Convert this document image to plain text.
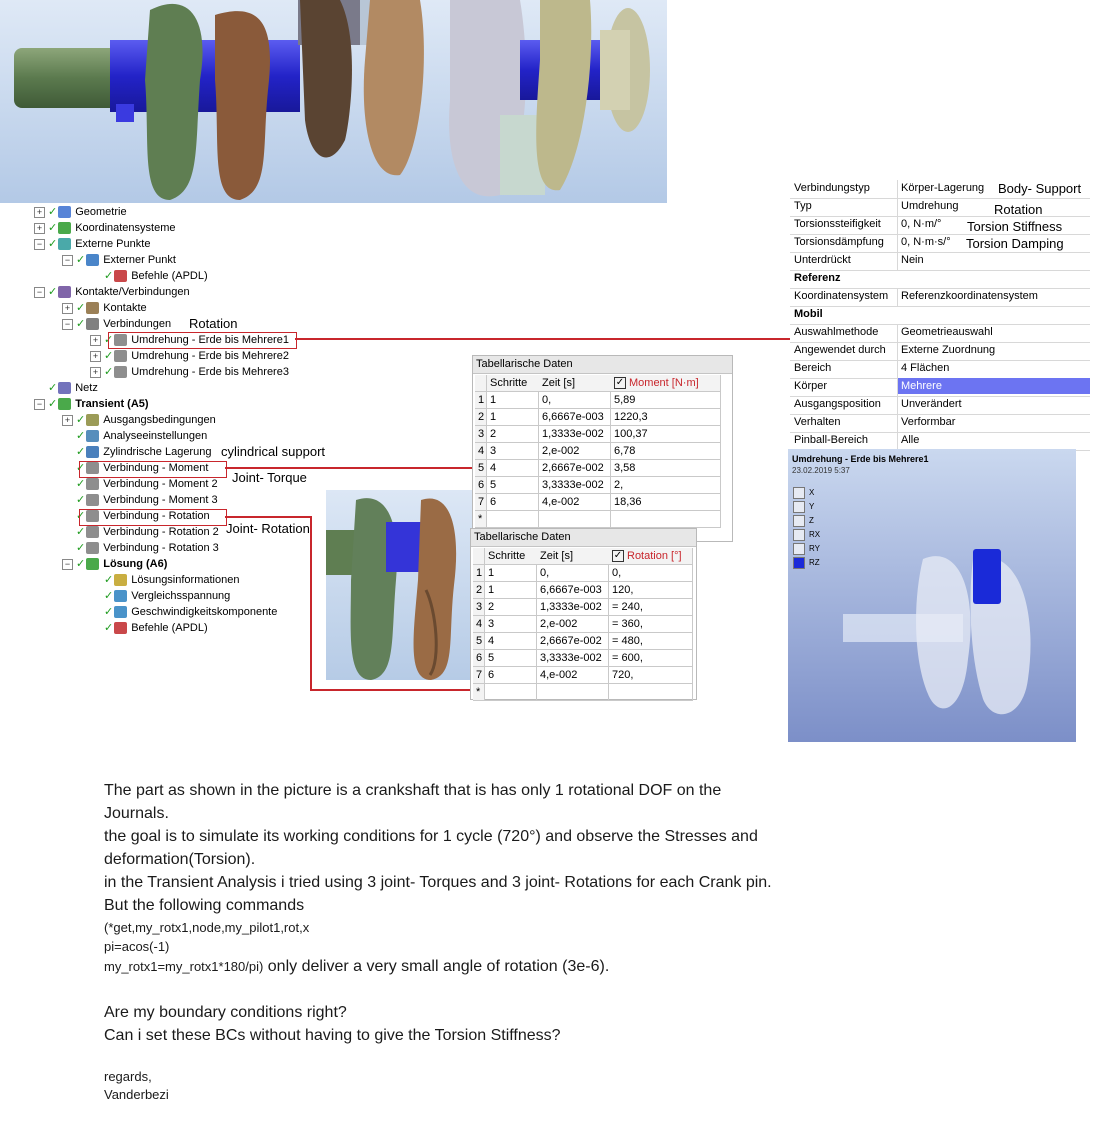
+ ✓ Geometrie
+ ✓ Koordinatensysteme
− ✓ Externe Punkte
− ✓ Externer Punkt
✓ Befehle (APDL)
− ✓ Kontakte/Verbindungen
+ ✓ Kontakte
− ✓ Verbindungen
+ ✓ Umdrehung - Erde bis Mehrere1
+ ✓ Umdrehung - Erde bis Mehrere2
+ ✓ Umdrehung - Erde bis Mehrere3
✓ Netz
− ✓ Transient (A5)
+ ✓ Ausgangsbedingungen
✓ Analyseeinstellungen
✓ Zylindrische Lagerung
✓ Verbindung - Moment
✓ Verbindung - Moment 2
✓ Verbindung - Moment 3
✓ Verbindung - Rotation
✓ Verbindung - Rotation 2
✓ Verbindung - Rotation 3
− ✓ Lösung (A6)
✓ Lösungsinformationen
✓ Vergleichsspannung
✓ Geschwindigkeitskomponente
✓ Befehle (APDL)
Rotation
cylindrical support
Joint- Torque
Joint- Rotation
Verbindungstyp	Körper-Lagerung
Typ	Umdrehung
Torsionssteifigkeit	0, N·m/°
Torsionsdämpfung	0, N·m·s/°
Unterdrückt	Nein
Referenz
Koordinatensystem	Referenzkoordinatensystem
Mobil
Auswahlmethode	Geometrieauswahl
Angewendet durch	Externe Zuordnung
Bereich	4 Flächen
Körper	Mehrere
Ausgangsposition	Unverändert
Verhalten	Verformbar
Pinball-Bereich	Alle
Body- Support
Rotation
Torsion Stiffness
Torsion Damping
Tabellarische Daten
Schritte	Zeit [s]	✓ Moment [N·m]
1 1	0,	5,89
2 1	6,6667e-003 1220,3
3 2	1,3333e-002 100,37
4 3	2,e-002	6,78
5 4	2,6667e-002 3,58
6 5	3,3333e-002 2,
7 6	4,e-002	18,36
*
Tabellarische Daten
Schritte	Zeit [s]	✓ Rotation [°]
1 1	0,	0,
2 1	6,6667e-003 120,
3 2	1,3333e-002 = 240,
4 3	2,e-002	= 360,
5 4	2,6667e-002 = 480,
6 5	3,3333e-002 = 600,
7 6	4,e-002	720,
*
Umdrehung - Erde bis Mehrere1
23.02.2019 5:37
X
Y
Z
RX
RY
RZ
The part as shown in the picture is a crankshaft that is has only 1 rotational DOF on the
Journals.
the goal is to simulate its working conditions for 1 cycle (720°) and observe the Stresses and
deformation(Torsion).
in the Transient Analysis i tried using 3 joint- Torques and 3 joint- Rotations for each Crank pin.
But the following commands
(*get,my_rotx1,node,my_pilot1,rot,x
pi=acos(-1)
my_rotx1=my_rotx1*180/pi) only deliver a very small angle of rotation (3e-6).
Are my boundary conditions right?
Can i set these BCs without having to give the Torsion Stiffness?
regards,
Vanderbezi
